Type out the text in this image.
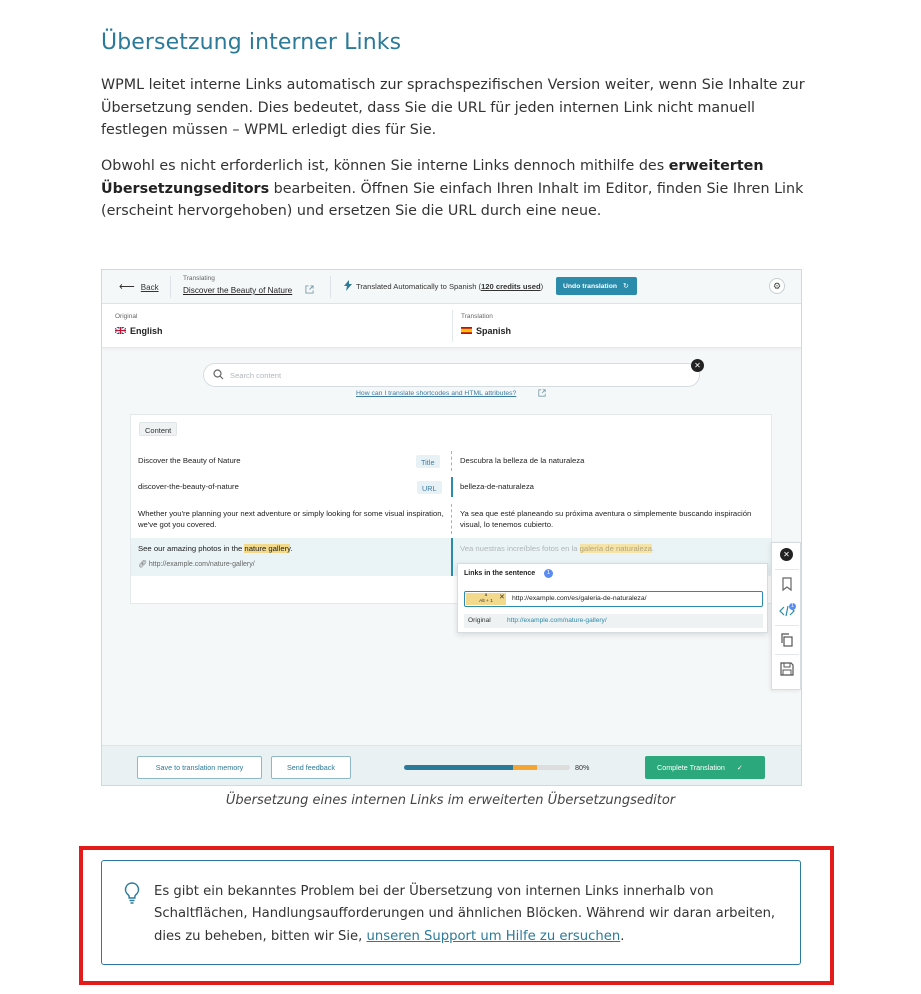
Übersetzung interner Links

WPML leitet interne Links automatisch zur sprachspezifischen Version weiter, wenn Sie Inhalte zur Übersetzung senden. Dies bedeutet, dass Sie die URL für jeden internen Link nicht manuell festlegen müssen – WPML erledigt dies für Sie.

Obwohl es nicht erforderlich ist, können Sie interne Links dennoch mithilfe des erweiterten Übersetzungseditors bearbeiten. Öffnen Sie einfach Ihren Inhalt im Editor, finden Sie Ihren Link (erscheint hervorgehoben) und ersetzen Sie die URL durch eine neue.

⟵ Back
Translating
Discover the Beauty of Nature	Translated Automatically to Spanish (120 credits used)	Undo translation ↻	⚙
Original
English
Translation
Spanish
Search content
✕
How can I translate shortcodes and HTML attributes?
Content
Discover the Beauty of Nature	Title	Descubra la belleza de la naturaleza
discover-the-beauty-of-nature	URL	belleza-de-naturaleza
Whether you're planning your next adventure or simply looking for some visual inspiration, we've got you covered.
Ya sea que esté planeando su próxima aventura o simplemente buscando inspiración visual, lo tenemos cubierto.
See our amazing photos in the nature gallery.
🔗︎ http://example.com/nature-gallery/
Vea nuestras increíbles fotos en la galería de naturaleza.
Links in the sentence	1
a
Alt + 1
✕ http://example.com/es/galeria-de-naturaleza/
Original http://example.com/nature-gallery/
✕
1
Save to translation memory	Send feedback	80%	Complete Translation ✓
Übersetzung eines internen Links im erweiterten Übersetzungseditor

Es gibt ein bekanntes Problem bei der Übersetzung von internen Links innerhalb von Schaltflächen, Handlungsaufforderungen und ähnlichen Blöcken. Während wir daran arbeiten, dies zu beheben, bitten wir Sie, unseren Support um Hilfe zu ersuchen.
